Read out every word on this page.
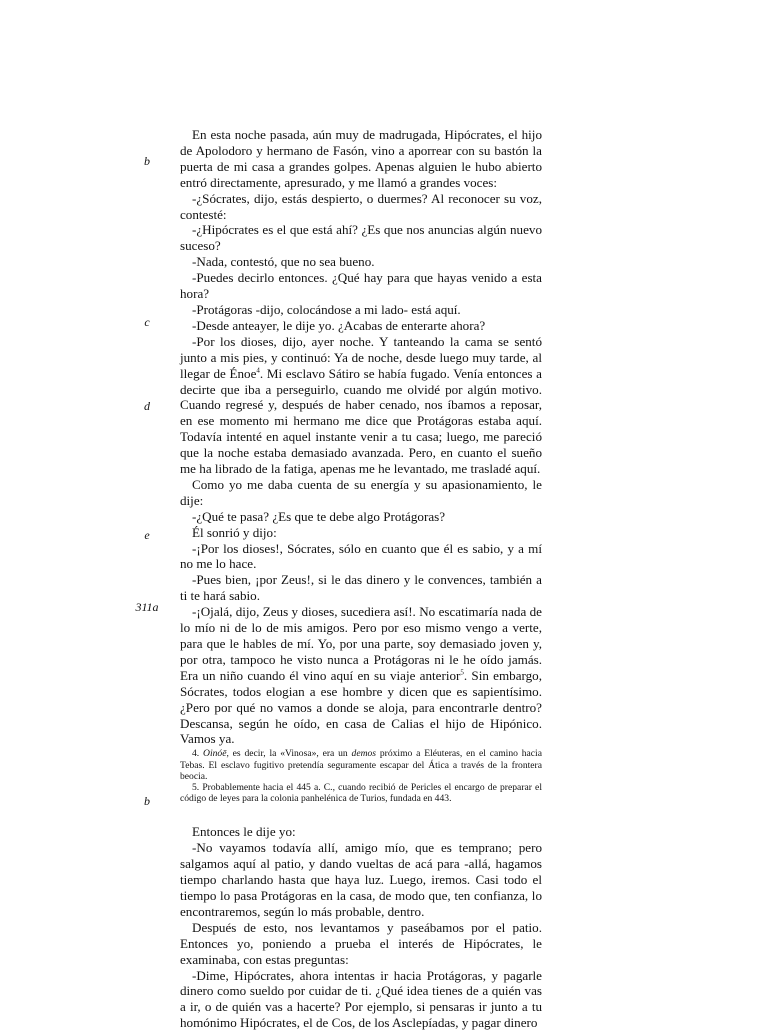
b
c
d
e
311a
b

En esta noche pasada, aún muy de madrugada, Hipócrates, el hijo de Apolodoro y hermano de Fasón, vino a aporrear con su bastón la puerta de mi casa a grandes golpes. Apenas alguien le hubo abierto entró directamente, apresurado, y me llamó a grandes voces:

-¿Sócrates, dijo, estás despierto, o duermes? Al reconocer su voz, contesté:

-¿Hipócrates es el que está ahí? ¿Es que nos anuncias algún nuevo suceso?

-Nada, contestó, que no sea bueno.

-Puedes decirlo entonces. ¿Qué hay para que hayas venido a esta hora?

-Protágoras -dijo, colocándose a mi lado- está aquí.

-Desde anteayer, le dije yo. ¿Acabas de enterarte ahora?

-Por los dioses, dijo, ayer noche. Y tanteando la cama se sentó junto a mis pies, y continuó: Ya de noche, desde luego muy tarde, al llegar de Énoe$^4$. Mi esclavo Sátiro se había fugado. Venía entonces a decirte que iba a perseguirlo, cuando me olvidé por algún motivo. Cuando regresé y, después de haber cenado, nos íbamos a reposar, en ese momento mi hermano me dice que Protágoras estaba aquí. Todavía intenté en aquel instante venir a tu casa; luego, me pareció que la noche estaba demasiado avanzada. Pero, en cuanto el sueño me ha librado de la fatiga, apenas me he levantado, me trasladé aquí.

Como yo me daba cuenta de su energía y su apasionamiento, le dije:

-¿Qué te pasa? ¿Es que te debe algo Protágoras?

Él sonrió y dijo:

-¡Por los dioses!, Sócrates, sólo en cuanto que él es sabio, y a mí no me lo hace.

-Pues bien, ¡por Zeus!, si le das dinero y le convences, también a ti te hará sabio.

-¡Ojalá, dijo, Zeus y dioses, sucediera así!. No escatimaría nada de lo mío ni de lo de mis amigos. Pero por eso mismo vengo a verte, para que le hables de mí. Yo, por una parte, soy demasiado joven y, por otra, tampoco he visto nunca a Protágoras ni le he oído jamás. Era un niño cuando él vino aquí en su viaje anterior$^5$. Sin embargo, Sócrates, todos elogian a ese hombre y dicen que es sapientísimo. ¿Pero por qué no vamos a donde se aloja, para encontrarle dentro? Descansa, según he oído, en casa de Calias el hijo de Hipónico. Vamos ya.

4. Oinóē, es decir, la «Vinosa», era un demos próximo a Eléuteras, en el camino hacia Tebas. El esclavo fugitivo pretendía seguramente escapar del Ática a través de la frontera beocia.

5. Probablemente hacia el 445 a. C., cuando recibió de Pericles el encargo de preparar el código de leyes para la colonia panhelénica de Turios, fundada en 443.

Entonces le dije yo:

-No vayamos todavía allí, amigo mío, que es temprano; pero salgamos aquí al patio, y dando vueltas de acá para -allá, hagamos tiempo charlando hasta que haya luz. Luego, iremos. Casi todo el tiempo lo pasa Protágoras en la casa, de modo que, ten confianza, lo encontraremos, según lo más probable, dentro.

Después de esto, nos levantamos y paseábamos por el patio. Entonces yo, poniendo a prueba el interés de Hipócrates, le examinaba, con estas preguntas:

-Dime, Hipócrates, ahora intentas ir hacia Protágoras, y pagarle dinero como sueldo por cuidar de ti. ¿Qué idea tienes de a quién vas a ir, o de quién vas a hacerte? Por ejemplo, si pensaras ir junto a tu homónimo Hipócrates, el de Cos, de los Asclepíadas, y pagar dinero
